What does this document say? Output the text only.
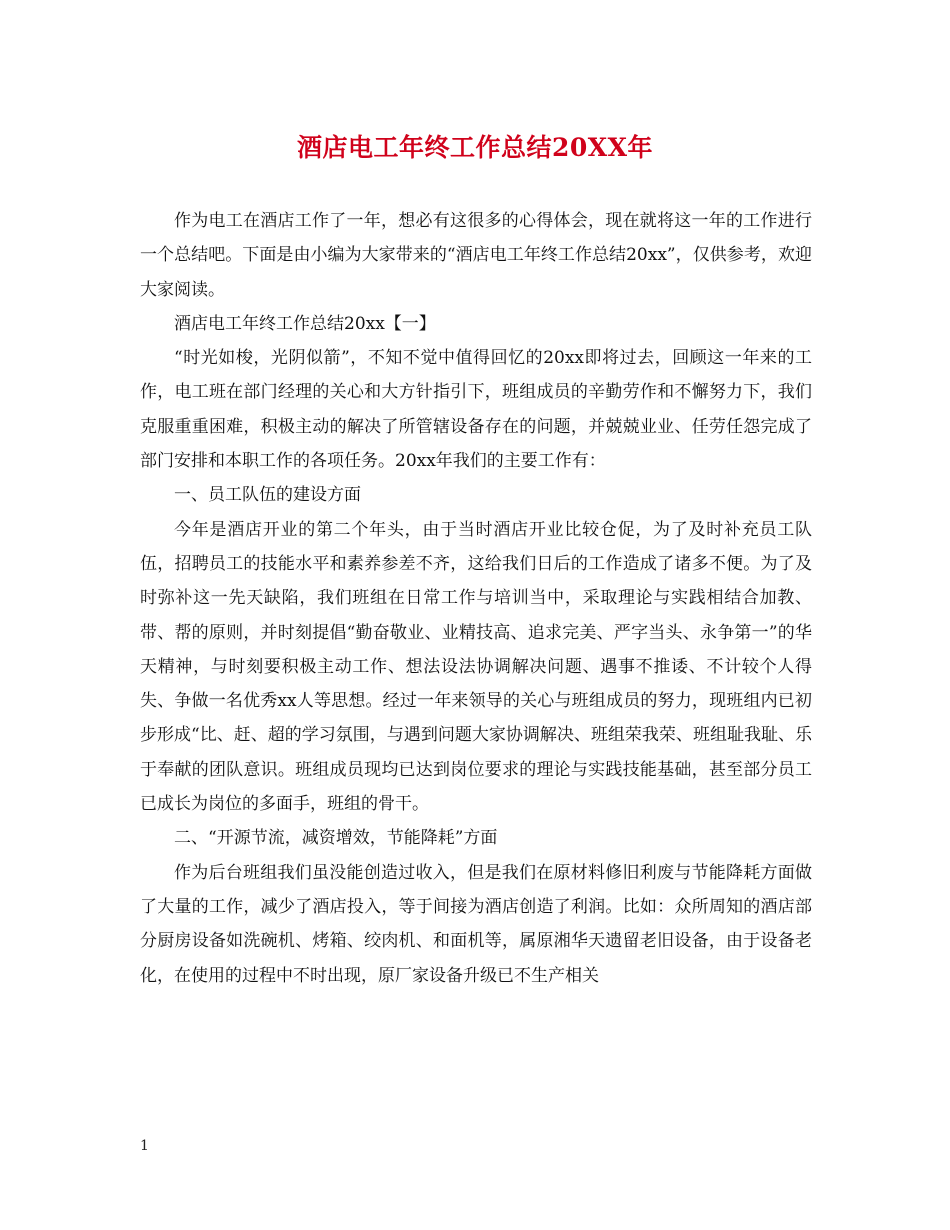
酒店电工年终工作总结20XX年

作为电工在酒店工作了一年，想必有这很多的心得体会，现在就将这一年的工作进行一个总结吧。下面是由小编为大家带来的“酒店电工年终工作总结20xx”，仅供参考，欢迎大家阅读。

酒店电工年终工作总结20xx【一】

“时光如梭，光阴似箭”，不知不觉中值得回忆的20xx即将过去，回顾这一年来的工作，电工班在部门经理的关心和大方针指引下，班组成员的辛勤劳作和不懈努力下，我们克服重重困难，积极主动的解决了所管辖设备存在的问题，并兢兢业业、任劳任怨完成了部门安排和本职工作的各项任务。20xx年我们的主要工作有：

一、员工队伍的建设方面

今年是酒店开业的第二个年头，由于当时酒店开业比较仓促，为了及时补充员工队伍，招聘员工的技能水平和素养参差不齐，这给我们日后的工作造成了诸多不便。为了及时弥补这一先天缺陷，我们班组在日常工作与培训当中，采取理论与实践相结合加教、带、帮的原则，并时刻提倡“勤奋敬业、业精技高、追求完美、严字当头、永争第一”的华天精神，与时刻要积极主动工作、想法设法协调解决问题、遇事不推诿、不计较个人得失、争做一名优秀xx人等思想。经过一年来领导的关心与班组成员的努力，现班组内已初步形成“比、赶、超的学习氛围，与遇到问题大家协调解决、班组荣我荣、班组耻我耻、乐于奉献的团队意识。班组成员现均已达到岗位要求的理论与实践技能基础，甚至部分员工已成长为岗位的多面手，班组的骨干。

二、“开源节流，减资增效，节能降耗”方面

作为后台班组我们虽没能创造过收入，但是我们在原材料修旧利废与节能降耗方面做了大量的工作，减少了酒店投入，等于间接为酒店创造了利润。比如：众所周知的酒店部分厨房设备如洗碗机、烤箱、绞肉机、和面机等，属原湘华天遗留老旧设备，由于设备老化，在使用的过程中不时出现，原厂家设备升级已不生产相关

1
